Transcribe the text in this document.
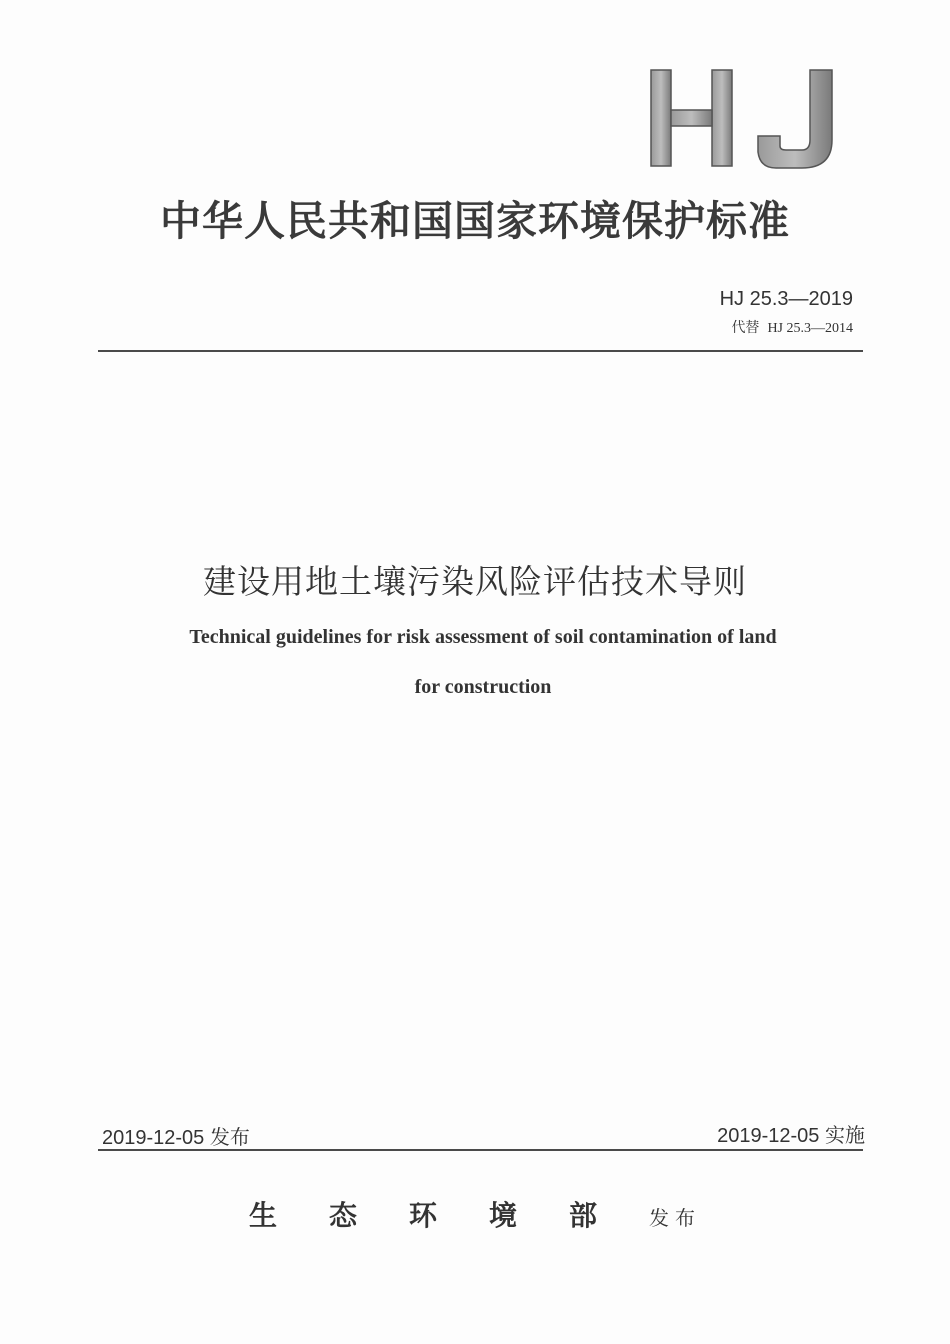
中华人民共和国国家环境保护标准
HJ 25.3—2019
代替 HJ 25.3—2014
建设用地土壤污染风险评估技术导则
Technical guidelines for risk assessment of soil contamination of land
for construction
2019-12-05 发布	2019-12-05 实施
生态环境部发布
